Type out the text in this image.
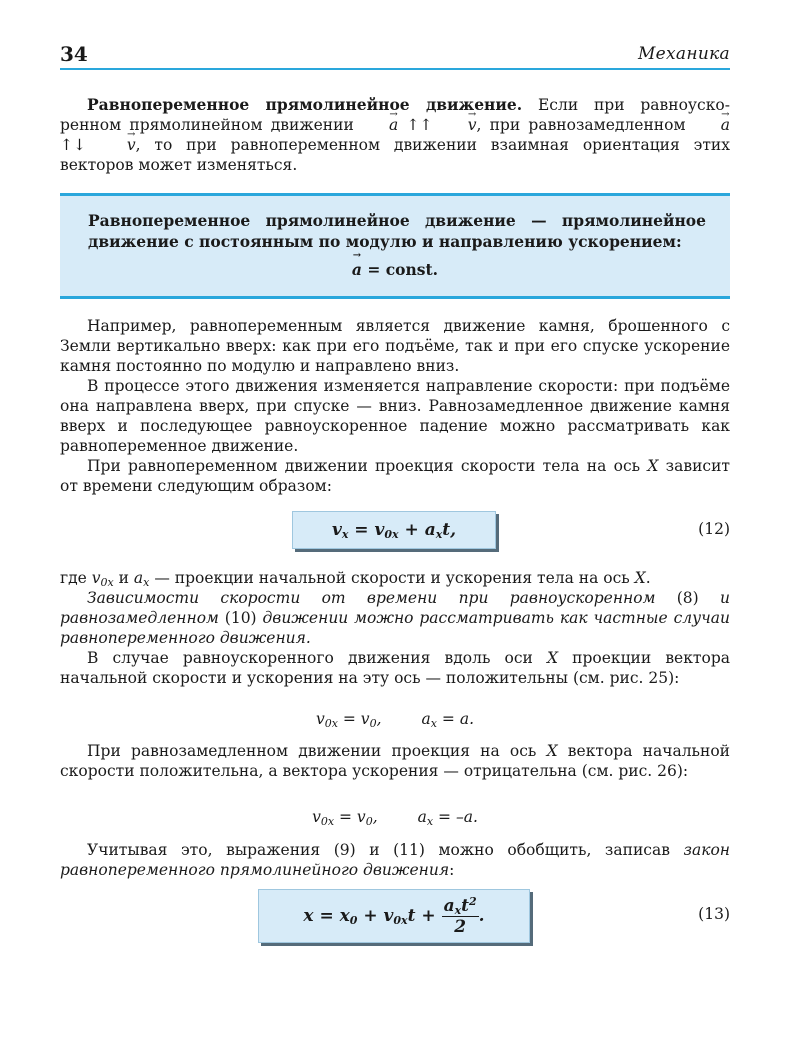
34	Механика
Равнопеременное прямолинейное движение. Если при равноускоренном прямолинейном движении → a ↑↑ → v, при равнозамедленном → a ↑↓ → v, то при равнопеременном движении взаимная ориентация этих векторов может изменяться.
Равнопеременное прямолинейное движение — прямолинейное движение с постоянным по модулю и направлению ускорением:
→ a = const.
Например, равнопеременным является движение камня, брошенного с Земли вертикально вверх: как при его подъёме, так и при его спуске ускорение камня постоянно по модулю и направлено вниз.
В процессе этого движения изменяется направление скорости: при подъёме она направлена вверх, при спуске — вниз. Равнозамедленное движение камня вверх и последующее равноускоренное падение можно рассматривать как равнопеременное движение.
При равнопеременном движении проекция скорости тела на ось X зависит от времени следующим образом:
$v_x = v_{0x} + a_xt$,	(12)
где $v_{0x}$ и $a_x$ — проекции начальной скорости и ускорения тела на ось X.
Зависимости скорости от времени при равноускоренном (8) и равнозамедленном (10) движении можно рассматривать как частные случаи равнопеременного движения.
В случае равноускоренного движения вдоль оси X проекции вектора начальной скорости и ускорения на эту ось — положительны (см. рис. 25):
$v_{0x} = v_0$,	$a_x = a$.
При равнозамедленном движении проекция на ось X вектора начальной скорости положительна, а вектора ускорения — отрицательна (см. рис. 26):
$v_{0x} = v_0$,	$a_x = -a$.
Учитывая это, выражения (9) и (11) можно обобщить, записав закон равнопеременного прямолинейного движения:
$x = x_0 + v_{0x}t + \frac{a_xt^2}{2}$ .	(13)
